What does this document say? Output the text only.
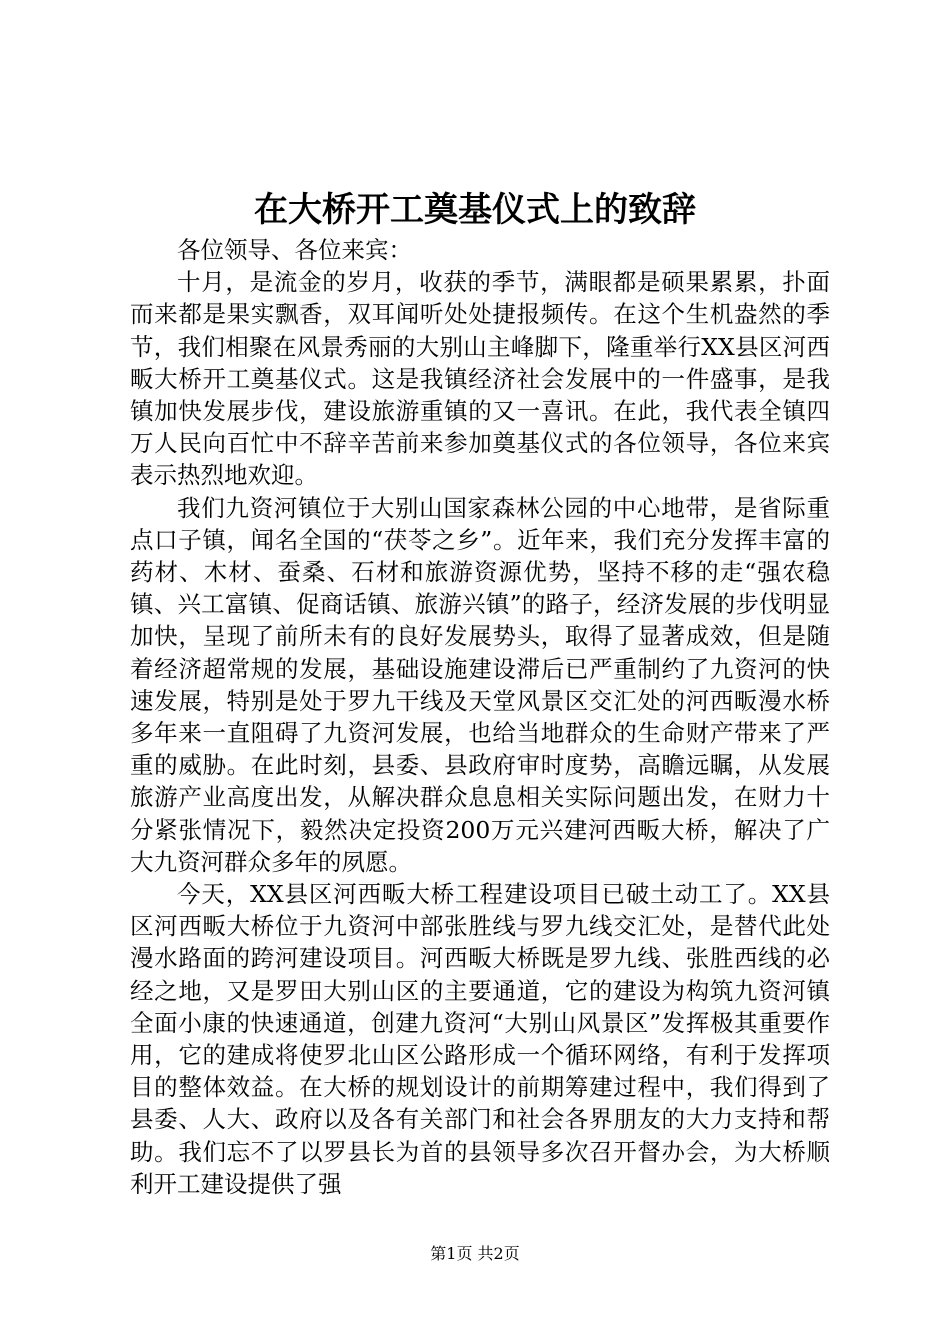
在大桥开工奠基仪式上的致辞

各位领导、各位来宾：

十月，是流金的岁月，收获的季节，满眼都是硕果累累，扑面而来都是果实飘香，双耳闻听处处捷报频传。在这个生机盎然的季节，我们相聚在风景秀丽的大别山主峰脚下，隆重举行XX县区河西畈大桥开工奠基仪式。这是我镇经济社会发展中的一件盛事，是我镇加快发展步伐，建设旅游重镇的又一喜讯。在此，我代表全镇四万人民向百忙中不辞辛苦前来参加奠基仪式的各位领导，各位来宾表示热烈地欢迎。

我们九资河镇位于大别山国家森林公园的中心地带，是省际重点口子镇，闻名全国的“茯苓之乡”。近年来，我们充分发挥丰富的药材、木材、蚕桑、石材和旅游资源优势，坚持不移的走“强农稳镇、兴工富镇、促商话镇、旅游兴镇”的路子，经济发展的步伐明显加快，呈现了前所未有的良好发展势头，取得了显著成效，但是随着经济超常规的发展，基础设施建设滞后已严重制约了九资河的快速发展，特别是处于罗九干线及天堂风景区交汇处的河西畈漫水桥多年来一直阻碍了九资河发展，也给当地群众的生命财产带来了严重的威胁。在此时刻，县委、县政府审时度势，高瞻远瞩，从发展旅游产业高度出发，从解决群众息息相关实际问题出发，在财力十分紧张情况下，毅然决定投资200万元兴建河西畈大桥，解决了广大九资河群众多年的夙愿。

今天，XX县区河西畈大桥工程建设项目已破土动工了。XX县区河西畈大桥位于九资河中部张胜线与罗九线交汇处，是替代此处漫水路面的跨河建设项目。河西畈大桥既是罗九线、张胜西线的必经之地，又是罗田大别山区的主要通道，它的建设为构筑九资河镇全面小康的快速通道，创建九资河“大别山风景区”发挥极其重要作用，它的建成将使罗北山区公路形成一个循环网络，有利于发挥项目的整体效益。在大桥的规划设计的前期筹建过程中，我们得到了县委、人大、政府以及各有关部门和社会各界朋友的大力支持和帮助。我们忘不了以罗县长为首的县领导多次召开督办会，为大桥顺利开工建设提供了强

第1页 共2页
